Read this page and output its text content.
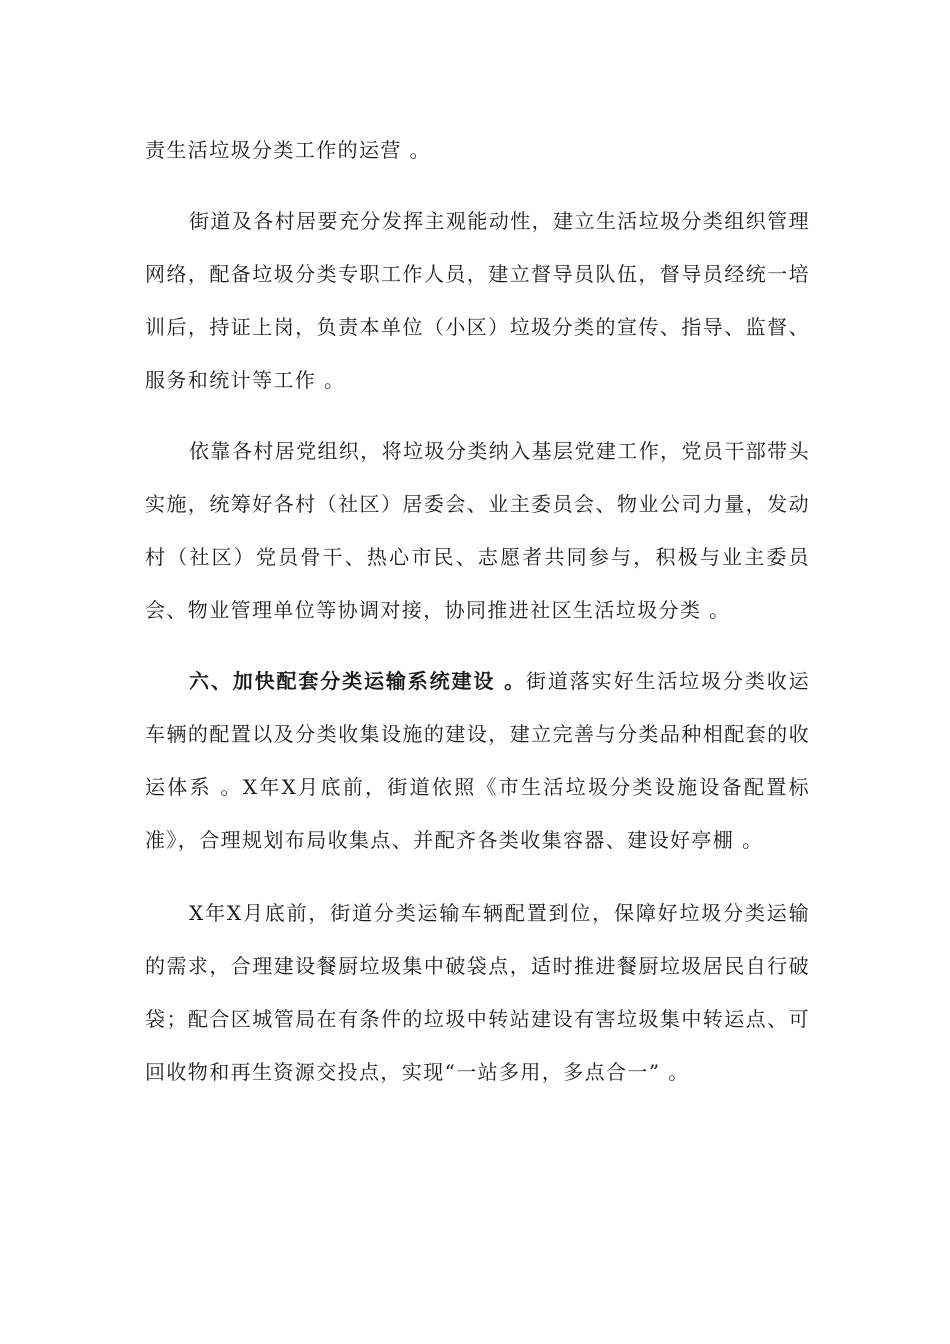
责生活垃圾分类工作的运营 。

街道及各村居要充分发挥主观能动性，建立生活垃圾分类组织管理网络，配备垃圾分类专职工作人员，建立督导员队伍，督导员经统一培训后，持证上岗，负责本单位（小区）垃圾分类的宣传、指导、监督、服务和统计等工作 。

依靠各村居党组织，将垃圾分类纳入基层党建工作，党员干部带头实施，统筹好各村（社区）居委会、业主委员会、物业公司力量，发动村（社区）党员骨干、热心市民、志愿者共同参与，积极与业主委员会、物业管理单位等协调对接，协同推进社区生活垃圾分类 。

六、加快配套分类运输系统建设 。街道落实好生活垃圾分类收运车辆的配置以及分类收集设施的建设，建立完善与分类品种相配套的收运体系 。X年X月底前，街道依照《市生活垃圾分类设施设备配置标准》，合理规划布局收集点、并配齐各类收集容器、建设好亭棚 。

X年X月底前，街道分类运输车辆配置到位，保障好垃圾分类运输的需求，合理建设餐厨垃圾集中破袋点，适时推进餐厨垃圾居民自行破袋；配合区城管局在有条件的垃圾中转站建设有害垃圾集中转运点、可回收物和再生资源交投点，实现“一站多用，多点合一” 。
